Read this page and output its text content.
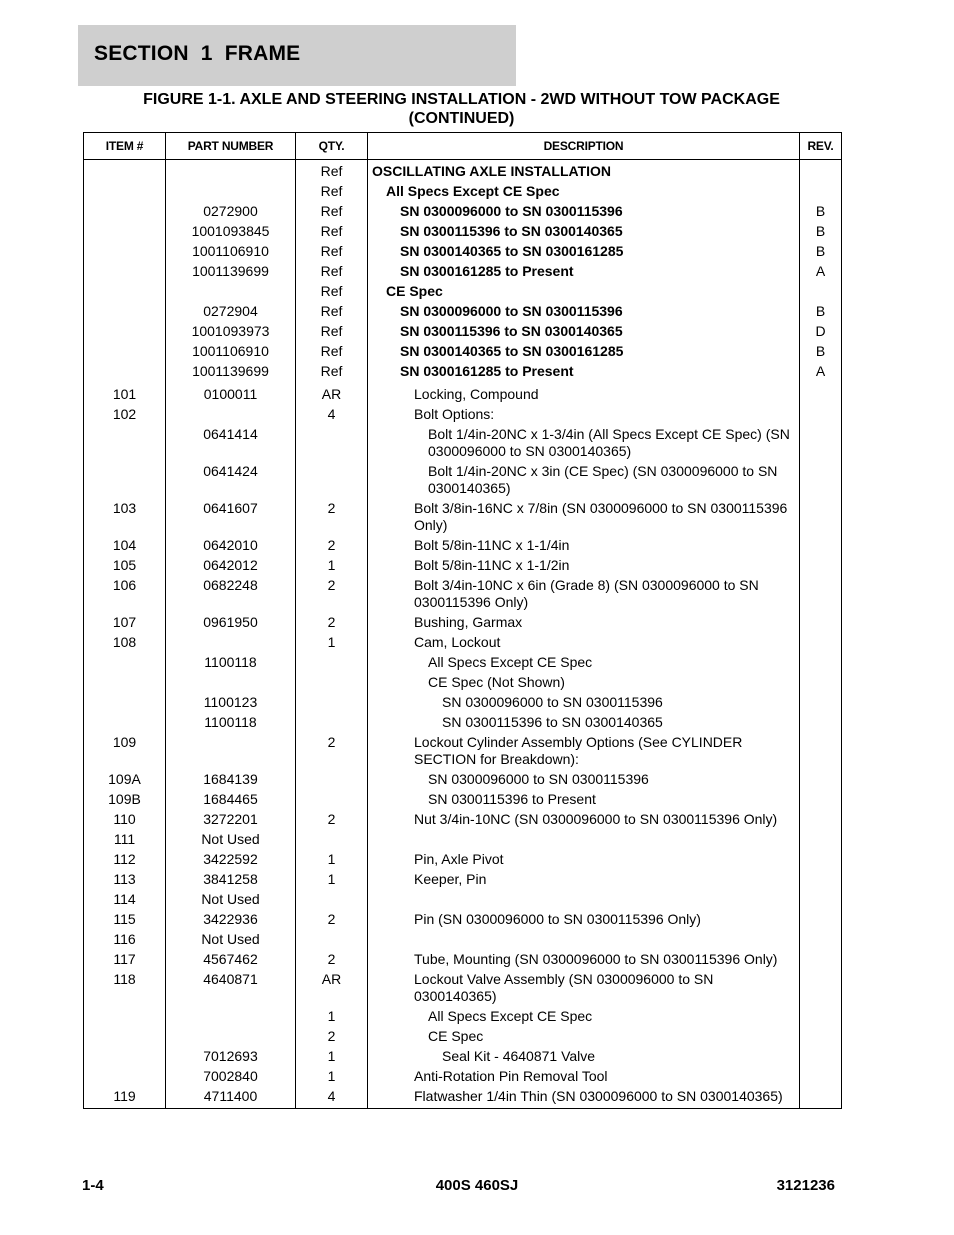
SECTION 1 FRAME
FIGURE 1-1. AXLE AND STEERING INSTALLATION - 2WD WITHOUT TOW PACKAGE
(CONTINUED)
ITEM #	PART NUMBER	QTY.	DESCRIPTION	REV.
		Ref	OSCILLATING AXLE INSTALLATION	
		Ref	All Specs Except CE Spec	
	0272900	Ref	SN 0300096000 to SN 0300115396	B
	1001093845	Ref	SN 0300115396 to SN 0300140365	B
	1001106910	Ref	SN 0300140365 to SN 0300161285	B
	1001139699	Ref	SN 0300161285 to Present	A
		Ref	CE Spec	
	0272904	Ref	SN 0300096000 to SN 0300115396	B
	1001093973	Ref	SN 0300115396 to SN 0300140365	D
	1001106910	Ref	SN 0300140365 to SN 0300161285	B
	1001139699	Ref	SN 0300161285 to Present	A

101	0100011	AR	Locking, Compound	
102		4	Bolt Options:	
	0641414		Bolt 1/4in-20NC x 1-3/4in (All Specs Except CE Spec) (SN 0300096000 to SN 0300140365)	
	0641424		Bolt 1/4in-20NC x 3in (CE Spec) (SN 0300096000 to SN 0300140365)	
103	0641607	2	Bolt 3/8in-16NC x 7/8in (SN 0300096000 to SN 0300115396 Only)	
104	0642010	2	Bolt 5/8in-11NC x 1-1/4in	
105	0642012	1	Bolt 5/8in-11NC x 1-1/2in	
106	0682248	2	Bolt 3/4in-10NC x 6in (Grade 8) (SN 0300096000 to SN 0300115396 Only)	
107	0961950	2	Bushing, Garmax	
108		1	Cam, Lockout	
	1100118		All Specs Except CE Spec	
			CE Spec (Not Shown)	
	1100123		SN 0300096000 to SN 0300115396	
	1100118		SN 0300115396 to SN 0300140365	
109		2	Lockout Cylinder Assembly Options (See CYLINDER SECTION for Breakdown):	
109A	1684139		SN 0300096000 to SN 0300115396	
109B	1684465		SN 0300115396 to Present	
110	3272201	2	Nut 3/4in-10NC (SN 0300096000 to SN 0300115396 Only)	
111	Not Used			
112	3422592	1	Pin, Axle Pivot	
113	3841258	1	Keeper, Pin	
114	Not Used			
115	3422936	2	Pin (SN 0300096000 to SN 0300115396 Only)	
116	Not Used			
117	4567462	2	Tube, Mounting (SN 0300096000 to SN 0300115396 Only)	
118	4640871	AR	Lockout Valve Assembly (SN 0300096000 to SN 0300140365)	
		1	All Specs Except CE Spec	
		2	CE Spec	
	7012693	1	Seal Kit - 4640871 Valve	
	7002840	1	Anti-Rotation Pin Removal Tool	
119	4711400	4	Flatwasher 1/4in Thin (SN 0300096000 to SN 0300140365)	
1-4	400S 460SJ	3121236
